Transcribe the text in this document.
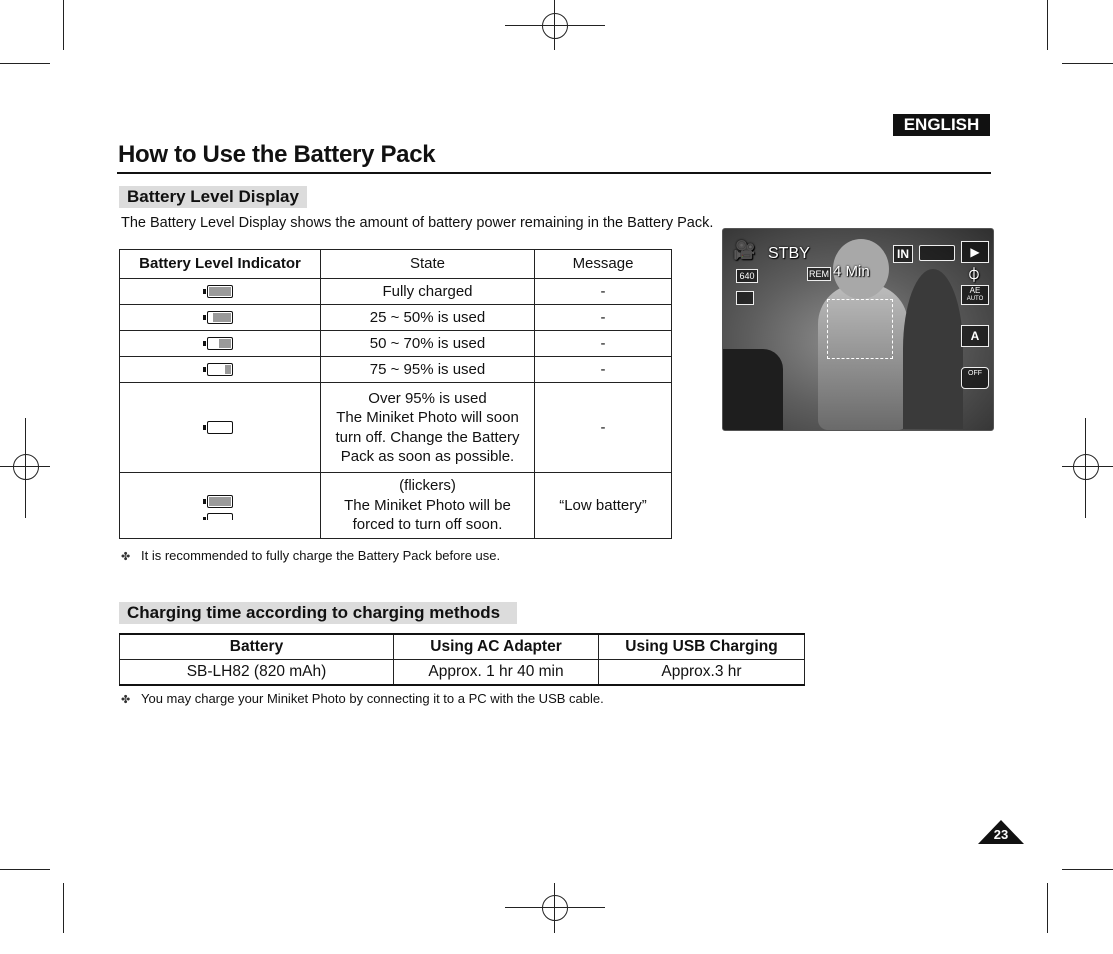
ENGLISH
How to Use the Battery Pack
Battery Level Display
The Battery Level Display shows the amount of battery power remaining in the Battery Pack.
Battery Level Indicator	State	Message

	Fully charged	-

	25 ~ 50% is used	-

	50 ~ 70% is used	-

	75 ~ 95% is used	-

	Over 95% is used
The Miniket Photo will soon
turn off. Change the Battery
Pack as soon as possible.	-

	(flickers)
The Miniket Photo will be
forced to turn off soon.	“Low battery”
✤ It is recommended to fully charge the Battery Pack before use.
🎥 STBY
640	REM 4 Min
IN	▶
⏀
AE
AUTO
A
OFF
Charging time according to charging methods
Battery	Using AC Adapter	Using USB Charging
SB-LH82 (820 mAh)	Approx. 1 hr 40 min	Approx.3 hr
✤ You may charge your Miniket Photo by connecting it to a PC with the USB cable.
23
